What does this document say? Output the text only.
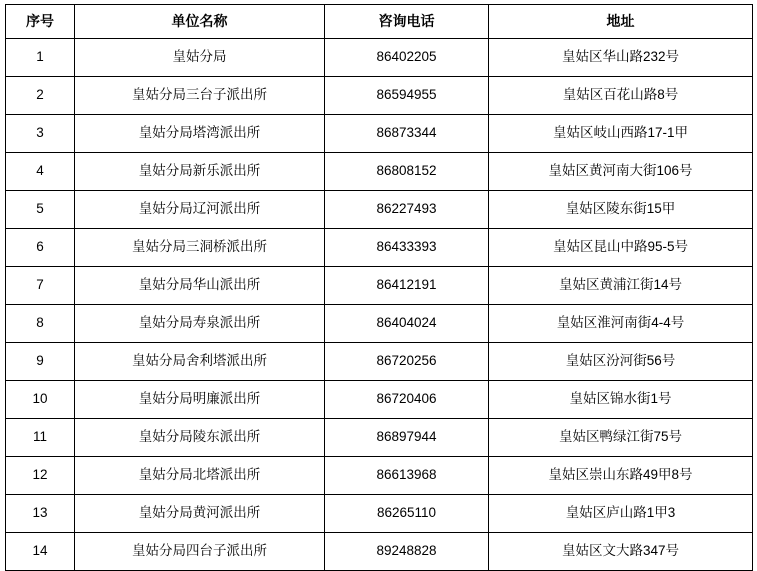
序号	单位名称	咨询电话	地址
1	皇姑分局	86402205	皇姑区华山路232号
2	皇姑分局三台子派出所	86594955	皇姑区百花山路8号
3	皇姑分局塔湾派出所	86873344	皇姑区岐山西路17-1甲
4	皇姑分局新乐派出所	86808152	皇姑区黄河南大街106号
5	皇姑分局辽河派出所	86227493	皇姑区陵东街15甲
6	皇姑分局三洞桥派出所	86433393	皇姑区昆山中路95-5号
7	皇姑分局华山派出所	86412191	皇姑区黄浦江街14号
8	皇姑分局寿泉派出所	86404024	皇姑区淮河南街4-4号
9	皇姑分局舍利塔派出所	86720256	皇姑区汾河街56号
10	皇姑分局明廉派出所	86720406	皇姑区锦水街1号
11	皇姑分局陵东派出所	86897944	皇姑区鸭绿江街75号
12	皇姑分局北塔派出所	86613968	皇姑区崇山东路49甲8号
13	皇姑分局黄河派出所	86265110	皇姑区庐山路1甲3
14	皇姑分局四台子派出所	89248828	皇姑区文大路347号
